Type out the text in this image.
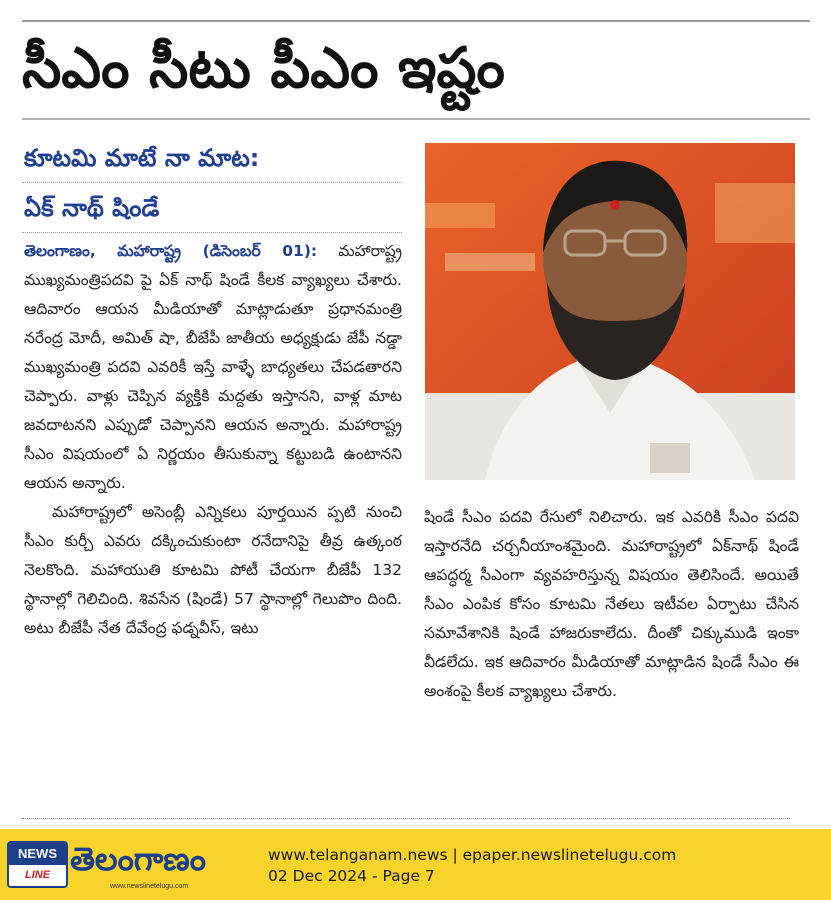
సీఎం సీటు పీఎం ఇష్టం
కూటమి మాటే నా మాట:
ఏక్ నాథ్ షిండే

తెలంగాణం, మహారాష్ట్ర (డిసెంబర్ 01): మహారాష్ట్ర ముఖ్యమంత్రిపదవి పై ఏక్ నాథ్ షిండే కీలక వ్యాఖ్యలు చేశారు. ఆదివారం ఆయన మీడియాతో మాట్లాడుతూ ప్రధానమంత్రి నరేంద్ర మోదీ, అమిత్ షా, బీజేపీ జాతీయ అధ్యక్షుడు జేపీ నడ్డా ముఖ్యమంత్రి పదవి ఎవరికీ ఇస్తే వాళ్ళే బాధ్యతలు చేపడతారని చెప్పారు. వాళ్లు చెప్పిన వ్యక్తికి మద్దతు ఇస్తానని, వాళ్ల మాట జవదాటనని ఎప్పుడో చెప్పానని ఆయన అన్నారు. మహారాష్ట్ర సీఎం విషయంలో ఏ నిర్ణయం తీసుకున్నా కట్టుబడి ఉంటానని ఆయన అన్నారు.

మహారాష్ట్రలో అసెంబ్లీ ఎన్నికలు పూర్తయిన ప్పటి నుంచి సీఎం కుర్చీ ఎవరు దక్కించుకుంటా రనేదానిపై తీవ్ర ఉత్కంఠ నెలకొంది. మహాయుతి కూటమి పోటీ చేయగా బీజేపీ 132 స్థానాల్లో గెలిచింది. శివసేన (షిండే) 57 స్థానాల్లో గెలుపొం దింది. అటు బీజేపీ నేత దేవేంద్ర ఫడ్నవీస్, ఇటు

షిండే సీఎం పదవి రేసులో నిలిచారు. ఇక ఎవరికి సీఎం పదవి ఇస్తారనేది చర్చనీయాంశమైంది. మహారాష్ట్రలో ఏక్‌నాథ్ షిండే ఆపద్ధర్మ సీఎంగా వ్యవహరిస్తున్న విషయం తెలిసిందే. అయితే సీఎం ఎంపిక కోసం కూటమి నేతలు ఇటీవల ఏర్పాటు చేసిన సమావేశానికి షిండే హాజరుకాలేదు. దీంతో చిక్కుముడి ఇంకా వీడలేదు. ఇక ఆదివారం మీడియాతో మాట్లాడిన షిండే సీఎం ఈ అంశంపై కీలక వ్యాఖ్యలు చేశారు.

NEWS
LINE తెలంగాణం
www.newslinetelugu.com
www.telanganam.news | epaper.newslinetelugu.com
02 Dec 2024 - Page 7
